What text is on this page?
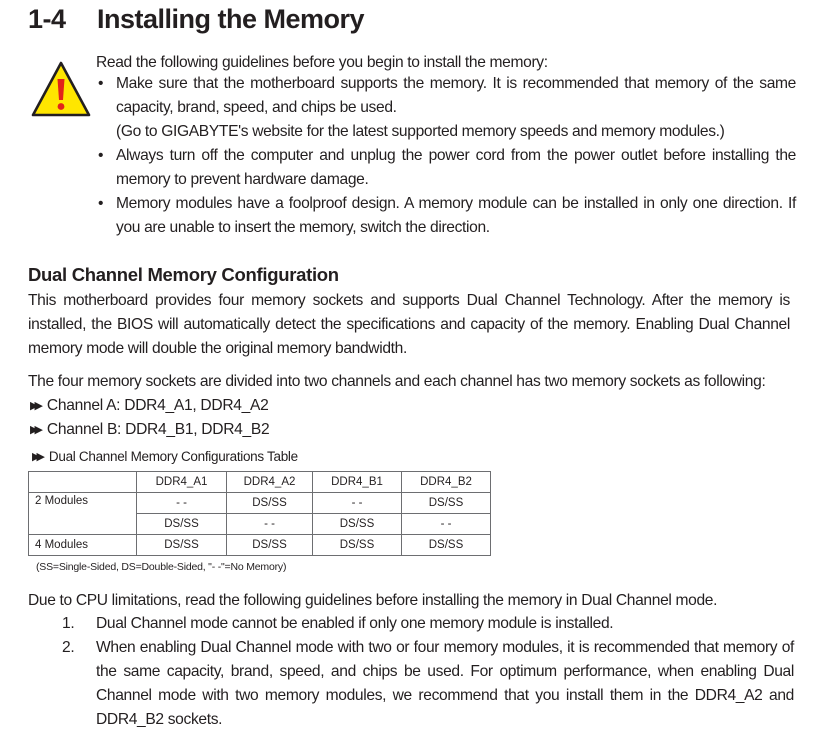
1-4 Installing the Memory
Read the following guidelines before you begin to install the memory:
• Make sure that the motherboard supports the memory. It is recommended that memory of the same capacity, brand, speed, and chips be used.
(Go to GIGABYTE's website for the latest supported memory speeds and memory modules.)
• Always turn off the computer and unplug the power cord from the power outlet before installing the memory to prevent hardware damage.
• Memory modules have a foolproof design. A memory module can be installed in only one direction. If you are unable to insert the memory, switch the direction.
Dual Channel Memory Configuration
This motherboard provides four memory sockets and supports Dual Channel Technology. After the memory is installed, the BIOS will automatically detect the specifications and capacity of the memory. Enabling Dual Channel memory mode will double the original memory bandwidth.
The four memory sockets are divided into two channels and each channel has two memory sockets as following:
▶▶ Channel A: DDR4_A1, DDR4_A2
▶▶ Channel B: DDR4_B1, DDR4_B2
▶▶ Dual Channel Memory Configurations Table
	DDR4_A1	DDR4_A2	DDR4_B1	DDR4_B2
2 Modules	- -	DS/SS	- -	DS/SS
	DS/SS	- -	DS/SS	- -
4 Modules	DS/SS	DS/SS	DS/SS	DS/SS
(SS=Single-Sided, DS=Double-Sided, "- -"=No Memory)
Due to CPU limitations, read the following guidelines before installing the memory in Dual Channel mode.
1. Dual Channel mode cannot be enabled if only one memory module is installed.
2. When enabling Dual Channel mode with two or four memory modules, it is recommended that memory of the same capacity, brand, speed, and chips be used. For optimum performance, when enabling Dual Channel mode with two memory modules, we recommend that you install them in the DDR4_A2 and DDR4_B2 sockets.
